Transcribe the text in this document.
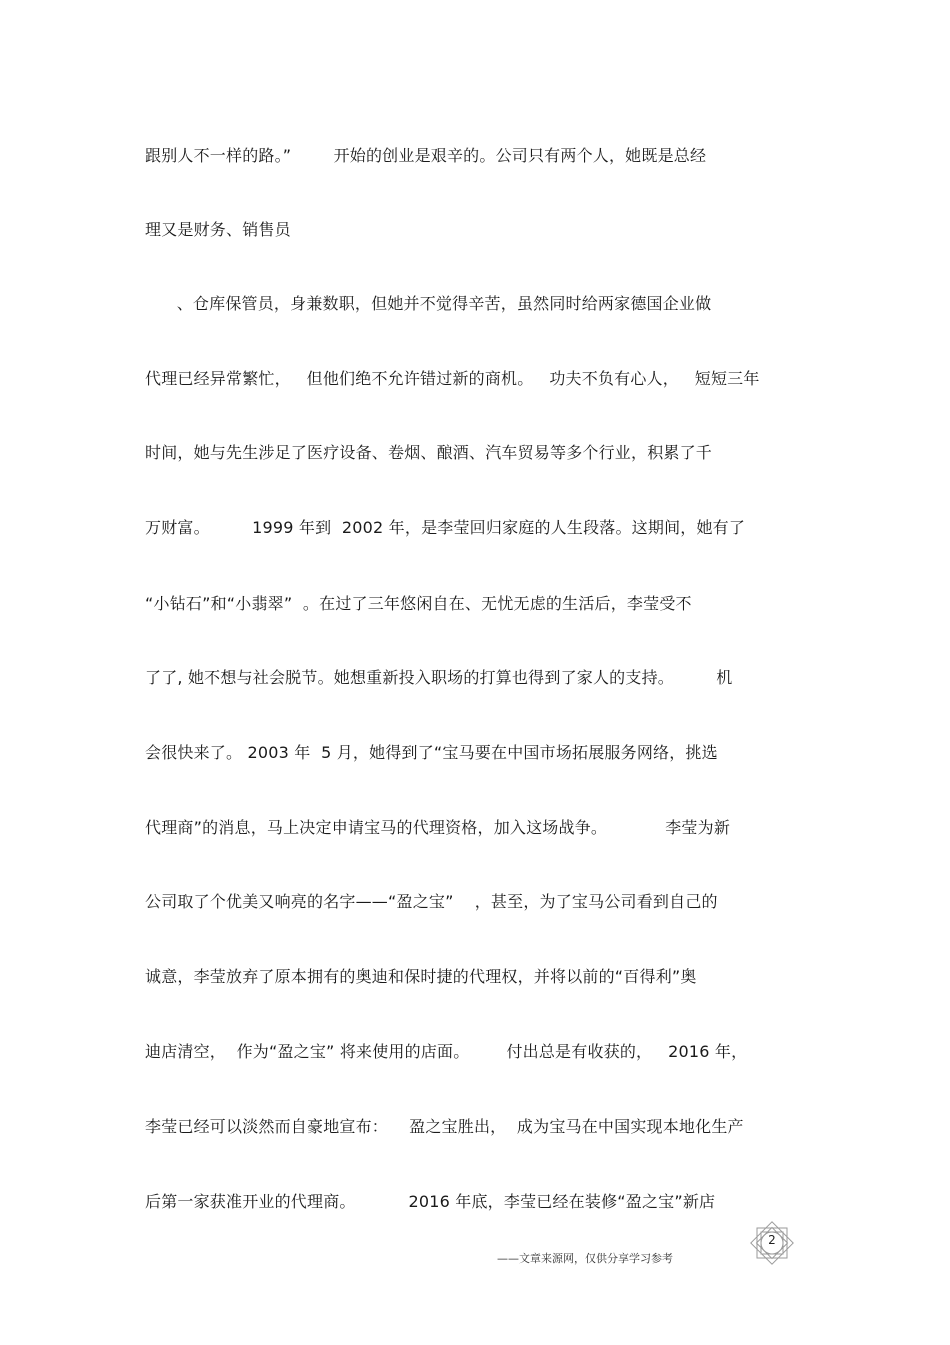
跟别人不一样的路。”        开始的创业是艰辛的。公司只有两个人，她既是总经

理又是财务、销售员

、仓库保管员，身兼数职，但她并不觉得辛苦，虽然同时给两家德国企业做

代理已经异常繁忙，   但他们绝不允许错过新的商机。   功夫不负有心人，   短短三年

时间，她与先生涉足了医疗设备、卷烟、酿酒、汽车贸易等多个行业，积累了千

万财富。        1999 年到  2002 年，是李莹回归家庭的人生段落。这期间，她有了

“小钻石”和“小翡翠”  。在过了三年悠闲自在、无忧无虑的生活后，李莹受不

了了, 她不想与社会脱节。她想重新投入职场的打算也得到了家人的支持。        机

会很快来了。 2003 年  5 月，她得到了“宝马要在中国市场拓展服务网络，挑选

代理商”的消息，马上决定申请宝马的代理资格，加入这场战争。           李莹为新

公司取了个优美又响亮的名字——“盈之宝”    ，甚至，为了宝马公司看到自己的

诚意，李莹放弃了原本拥有的奥迪和保时捷的代理权，并将以前的“百得利”奥

迪店清空，  作为“盈之宝” 将来使用的店面。       付出总是有收获的，   2016 年，

李莹已经可以淡然而自豪地宣布：    盈之宝胜出，  成为宝马在中国实现本地化生产

后第一家获准开业的代理商。          2016 年底，李莹已经在装修“盈之宝”新店

——文章来源网，仅供分享学习参考
2
